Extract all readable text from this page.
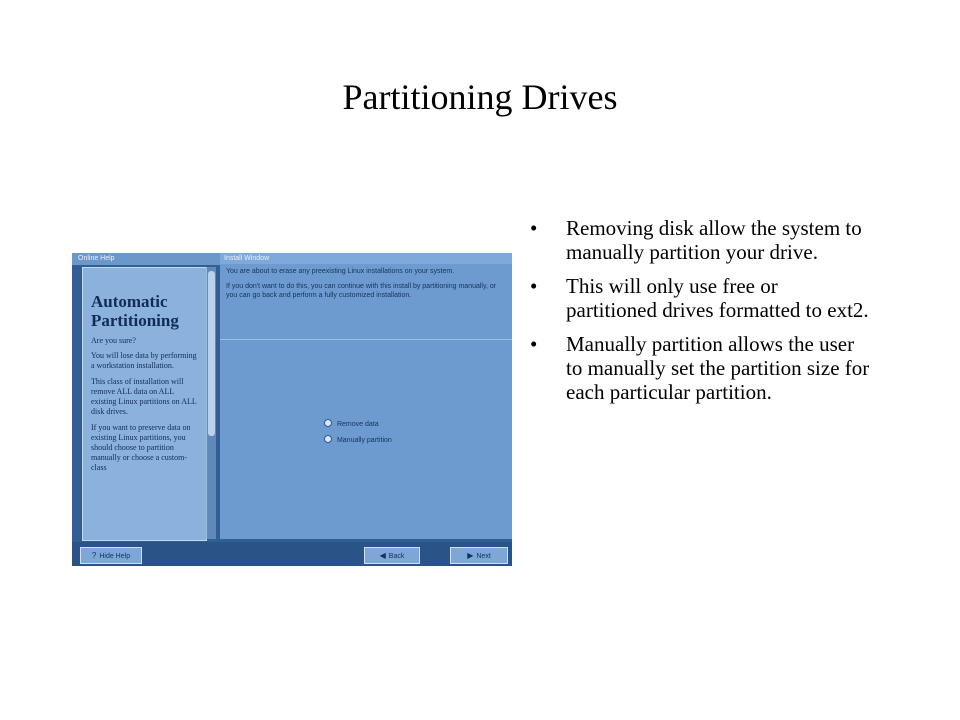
Partitioning Drives
• Removing disk allow the system to manually partition your drive.
• This will only use free or partitioned drives formatted to ext2.
• Manually partition allows the user to manually set the partition size for each particular partition.
Online Help
Automatic
Partitioning
Are you sure?
You will lose data by performing a workstation installation.
This class of installation will remove ALL data on ALL existing Linux partitions on ALL disk drives.
If you want to preserve data on existing Linux partitions, you should choose to partition manually or choose a custom-class
Install Window
You are about to erase any preexisting Linux installations on your system.
If you don't want to do this, you can continue with this install by partitioning manually, or you can go back and perform a fully customized installation.
Remove data
Manually partition
? Hide Help	◀ Back	▶ Next
